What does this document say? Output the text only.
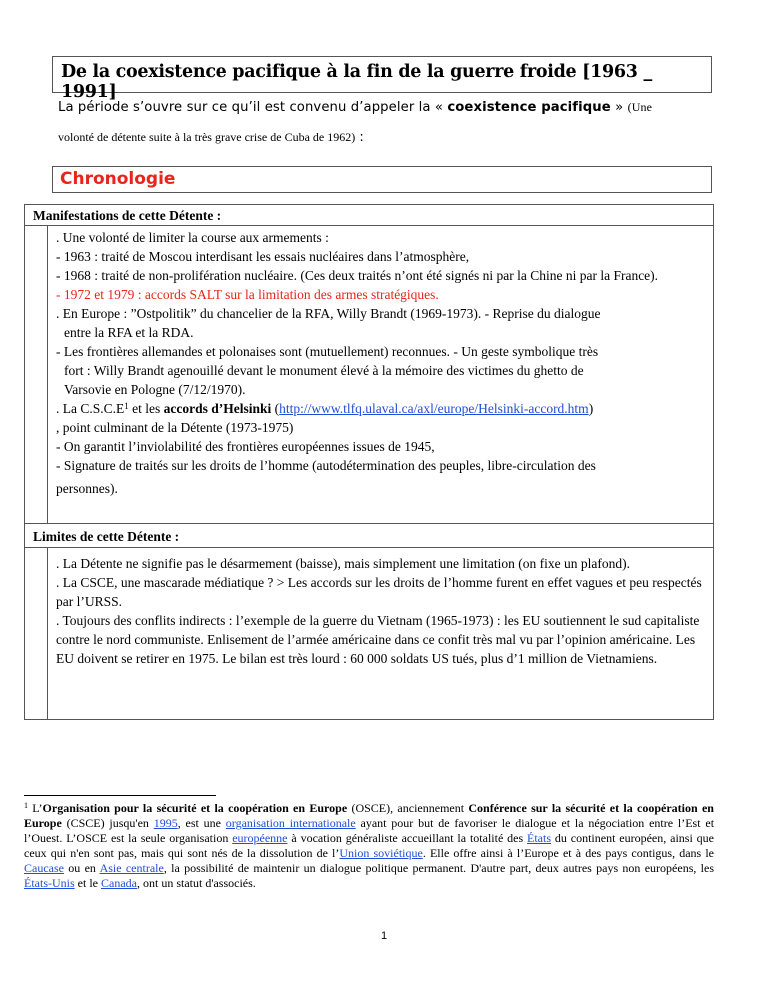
De la coexistence pacifique à la fin de la guerre froide [1963 _ 1991]
La période s’ouvre sur ce qu’il est convenu d’appeler la « coexistence pacifique » (Une
volonté de détente suite à la très grave crise de Cuba de 1962) :
Chronologie
Manifestations de cette Détente :

. Une volonté de limiter la course aux armements :

- 1963 : traité de Moscou interdisant les essais nucléaires dans l’atmosphère,

- 1968 : traité de non-prolifération nucléaire. (Ces deux traités n’ont été signés ni par la Chine ni par la France).

- 1972 et 1979 : accords SALT sur la limitation des armes stratégiques.

. En Europe : ”Ostpolitik” du chancelier de la RFA, Willy Brandt (1969-1973). - Reprise du dialogue

entre la RFA et la RDA.

- Les frontières allemandes et polonaises sont (mutuellement) reconnues. - Un geste symbolique très

fort : Willy Brandt agenouillé devant le monument élevé à la mémoire des victimes du ghetto de

Varsovie en Pologne (7/12/1970).

. La $C.S.C.E^1$ et les accords d’Helsinki (http://www.tlfq.ulaval.ca/axl/europe/Helsinki-accord.htm)

, point culminant de la Détente (1973-1975)

- On garantit l’inviolabilité des frontières européennes issues de 1945,

- Signature de traités sur les droits de l’homme (autodétermination des peuples, libre-circulation des

personnes).

Limites de cette Détente :

. La Détente ne signifie pas le désarmement (baisse), mais simplement une limitation (on fixe un plafond).

. La CSCE, une mascarade médiatique ? > Les accords sur les droits de l’homme furent en effet vagues et peu respectés par l’URSS.

. Toujours des conflits indirects : l’exemple de la guerre du Vietnam (1965-1973) : les EU soutiennent le sud capitaliste contre le nord communiste. Enlisement de l’armée américaine dans ce confit très mal vu par l’opinion américaine. Les EU doivent se retirer en 1975. Le bilan est très lourd : 60 000 soldats US tués, plus d’1 million de Vietnamiens.

$^1$ L’Organisation pour la sécurité et la coopération en Europe (OSCE), anciennement Conférence sur la sécurité et la coopération en Europe (CSCE) jusqu'en 1995, est une organisation internationale ayant pour but de favoriser le dialogue et la négociation entre l’Est et l’Ouest. L’OSCE est la seule organisation européenne à vocation généraliste accueillant la totalité des États du continent européen, ainsi que ceux qui n'en sont pas, mais qui sont nés de la dissolution de l’Union soviétique. Elle offre ainsi à l’Europe et à des pays contigus, dans le Caucase ou en Asie centrale, la possibilité de maintenir un dialogue politique permanent. D'autre part, deux autres pays non européens, les États-Unis et le Canada, ont un statut d'associés.
1
